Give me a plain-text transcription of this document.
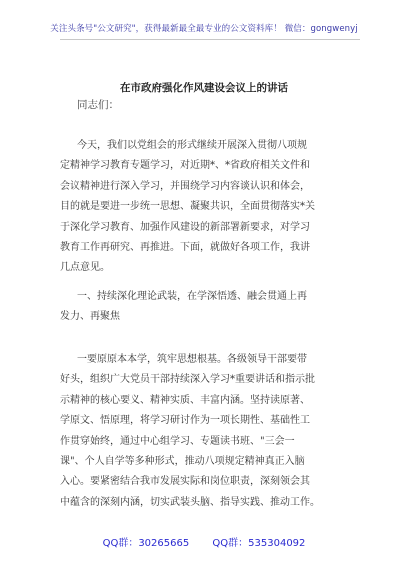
关注头条号"公文研究"，获得最新最全最专业的公文资料库！ 微信：gongwenyj
在市政府强化作风建设会议上的讲话
同志们：
今天，我们以党组会的形式继续开展深入贯彻八项规
定精神学习教育专题学习，对近期*、*省政府相关文件和
会议精神进行深入学习，并围绕学习内容谈认识和体会，
目的就是要进一步统一思想、凝聚共识，全面贯彻落实*关
于深化学习教育、加强作风建设的新部署新要求，对学习
教育工作再研究、再推进。下面，就做好各项工作，我讲
几点意见。
一、持续深化理论武装，在学深悟透、融会贯通上再
发力、再聚焦
一要原原本本学，筑牢思想根基。各级领导干部要带
好头，组织广大党员干部持续深入学习*重要讲话和指示批
示精神的核心要义、精神实质、丰富内涵。坚持读原著、
学原文、悟原理，将学习研讨作为一项长期性、基础性工
作贯穿始终，通过中心组学习、专题读书班、"三会一
课"、个人自学等多种形式，推动八项规定精神真正入脑
入心。要紧密结合我市发展实际和岗位职责，深刻领会其
中蕴含的深刻内涵，切实武装头脑、指导实践、推动工作。
QQ群：30265665 QQ群：535304092
